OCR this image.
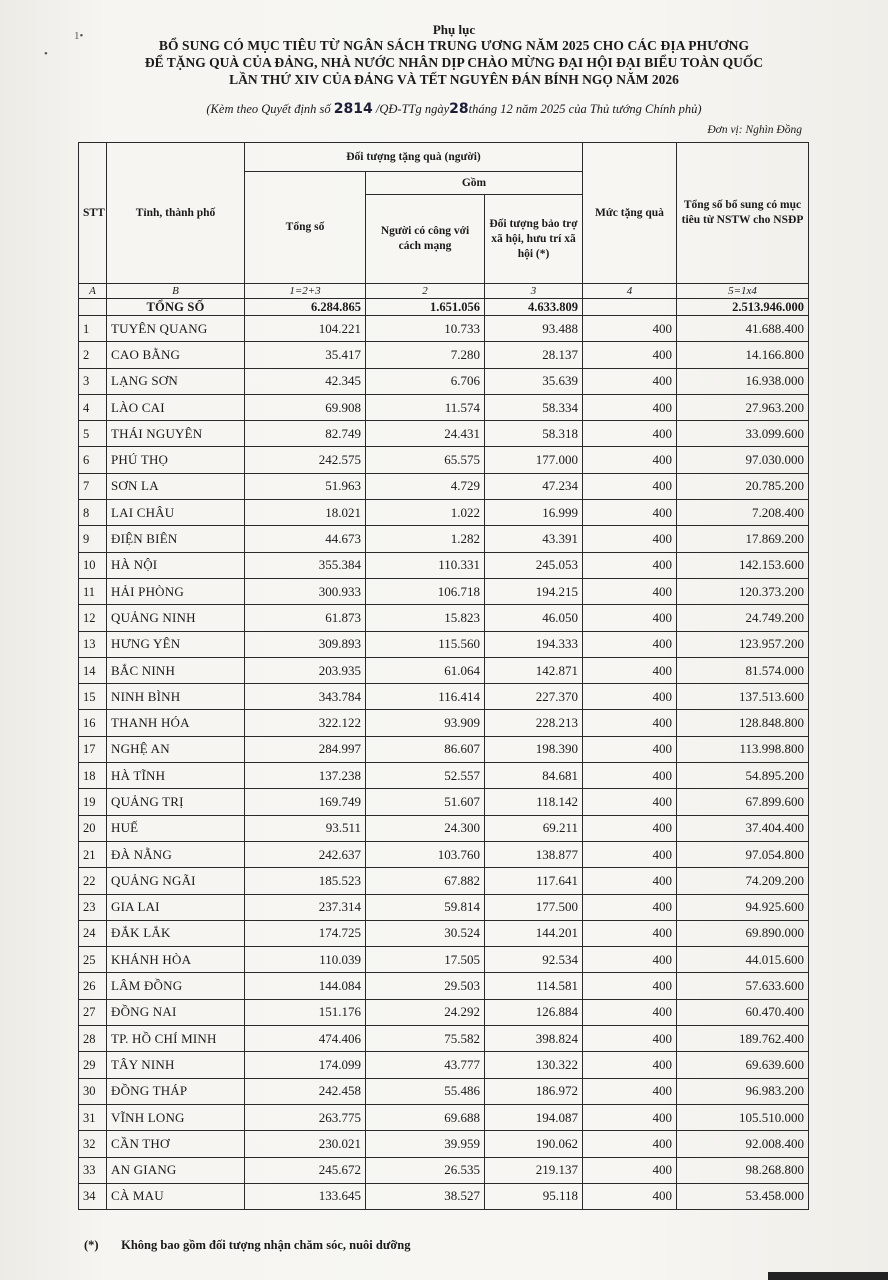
1•
•
Phụ lục
BỔ SUNG CÓ MỤC TIÊU TỪ NGÂN SÁCH TRUNG ƯƠNG NĂM 2025 CHO CÁC ĐỊA PHƯƠNG
ĐỂ TẶNG QUÀ CỦA ĐẢNG, NHÀ NƯỚC NHÂN DỊP CHÀO MỪNG ĐẠI HỘI ĐẠI BIỂU TOÀN QUỐC
LẦN THỨ XIV CỦA ĐẢNG VÀ TẾT NGUYÊN ĐÁN BÍNH NGỌ NĂM 2026
(Kèm theo Quyết định số 2814 /QĐ-TTg ngày28tháng 12 năm 2025 của Thủ tướng Chính phủ)
Đơn vị: Nghìn Đồng
STT	Tỉnh, thành phố	Đối tượng tặng quà (người)			Mức tặng quà	Tổng số bổ sung có mục tiêu từ NSTW cho NSĐP
		Tổng số	Gồm			
			Người có công với cách mạng	Đối tượng bảo trợ xã hội, hưu trí xã hội (*)		
A	B	1=2+3	2	3	4	5=1x4
	TỔNG SỐ	6.284.865	1.651.056	4.633.809		2.513.946.000
1	TUYÊN QUANG	104.221	10.733	93.488	400	41.688.400
2	CAO BẰNG	35.417	7.280	28.137	400	14.166.800
3	LẠNG SƠN	42.345	6.706	35.639	400	16.938.000
4	LÀO CAI	69.908	11.574	58.334	400	27.963.200
5	THÁI NGUYÊN	82.749	24.431	58.318	400	33.099.600
6	PHÚ THỌ	242.575	65.575	177.000	400	97.030.000
7	SƠN LA	51.963	4.729	47.234	400	20.785.200
8	LAI CHÂU	18.021	1.022	16.999	400	7.208.400
9	ĐIỆN BIÊN	44.673	1.282	43.391	400	17.869.200
10	HÀ NỘI	355.384	110.331	245.053	400	142.153.600
11	HẢI PHÒNG	300.933	106.718	194.215	400	120.373.200
12	QUẢNG NINH	61.873	15.823	46.050	400	24.749.200
13	HƯNG YÊN	309.893	115.560	194.333	400	123.957.200
14	BẮC NINH	203.935	61.064	142.871	400	81.574.000
15	NINH BÌNH	343.784	116.414	227.370	400	137.513.600
16	THANH HÓA	322.122	93.909	228.213	400	128.848.800
17	NGHỆ AN	284.997	86.607	198.390	400	113.998.800
18	HÀ TĨNH	137.238	52.557	84.681	400	54.895.200
19	QUẢNG TRỊ	169.749	51.607	118.142	400	67.899.600
20	HUẾ	93.511	24.300	69.211	400	37.404.400
21	ĐÀ NẴNG	242.637	103.760	138.877	400	97.054.800
22	QUẢNG NGÃI	185.523	67.882	117.641	400	74.209.200
23	GIA LAI	237.314	59.814	177.500	400	94.925.600
24	ĐẮK LẮK	174.725	30.524	144.201	400	69.890.000
25	KHÁNH HÒA	110.039	17.505	92.534	400	44.015.600
26	LÂM ĐỒNG	144.084	29.503	114.581	400	57.633.600
27	ĐỒNG NAI	151.176	24.292	126.884	400	60.470.400
28	TP. HỒ CHÍ MINH	474.406	75.582	398.824	400	189.762.400
29	TÂY NINH	174.099	43.777	130.322	400	69.639.600
30	ĐỒNG THÁP	242.458	55.486	186.972	400	96.983.200
31	VĨNH LONG	263.775	69.688	194.087	400	105.510.000
32	CẦN THƠ	230.021	39.959	190.062	400	92.008.400
33	AN GIANG	245.672	26.535	219.137	400	98.268.800
34	CÀ MAU	133.645	38.527	95.118	400	53.458.000
(*) Không bao gồm đối tượng nhận chăm sóc, nuôi dưỡng
